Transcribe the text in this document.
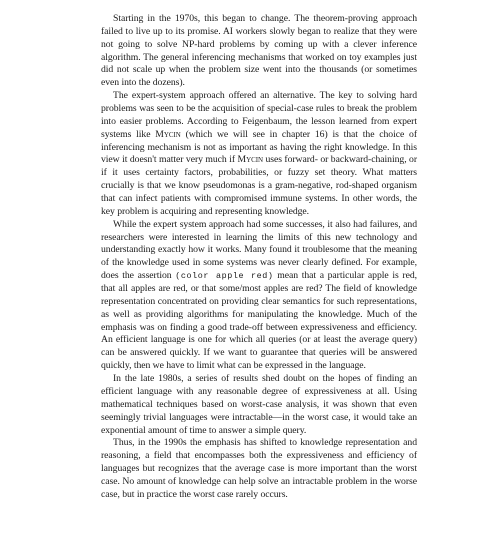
Starting in the 1970s, this began to change. The theorem-proving approach failed to live up to its promise. AI workers slowly began to realize that they were not going to solve NP-hard problems by coming up with a clever inference algorithm. The general inferencing mechanisms that worked on toy examples just did not scale up when the problem size went into the thousands (or sometimes even into the dozens).

The expert-system approach offered an alternative. The key to solving hard problems was seen to be the acquisition of special-case rules to break the problem into easier problems. According to Feigenbaum, the lesson learned from expert systems like Mycin (which we will see in chapter 16) is that the choice of inferencing mechanism is not as important as having the right knowledge. In this view it doesn't matter very much if Mycin uses forward- or backward-chaining, or if it uses certainty factors, probabilities, or fuzzy set theory. What matters crucially is that we know pseudomonas is a gram-negative, rod-shaped organism that can infect patients with compromised immune systems. In other words, the key problem is acquiring and representing knowledge.

While the expert system approach had some successes, it also had failures, and researchers were interested in learning the limits of this new technology and understanding exactly how it works. Many found it troublesome that the meaning of the knowledge used in some systems was never clearly defined. For example, does the assertion (color apple red) mean that a particular apple is red, that all apples are red, or that some/most apples are red? The field of knowledge representation concentrated on providing clear semantics for such representations, as well as providing algorithms for manipulating the knowledge. Much of the emphasis was on finding a good trade-off between expressiveness and efficiency. An efficient language is one for which all queries (or at least the average query) can be answered quickly. If we want to guarantee that queries will be answered quickly, then we have to limit what can be expressed in the language.

In the late 1980s, a series of results shed doubt on the hopes of finding an efficient language with any reasonable degree of expressiveness at all. Using mathematical techniques based on worst-case analysis, it was shown that even seemingly trivial languages were intractable—in the worst case, it would take an exponential amount of time to answer a simple query.

Thus, in the 1990s the emphasis has shifted to knowledge representation and reasoning, a field that encompasses both the expressiveness and efficiency of languages but recognizes that the average case is more important than the worst case. No amount of knowledge can help solve an intractable problem in the worse case, but in practice the worst case rarely occurs.
